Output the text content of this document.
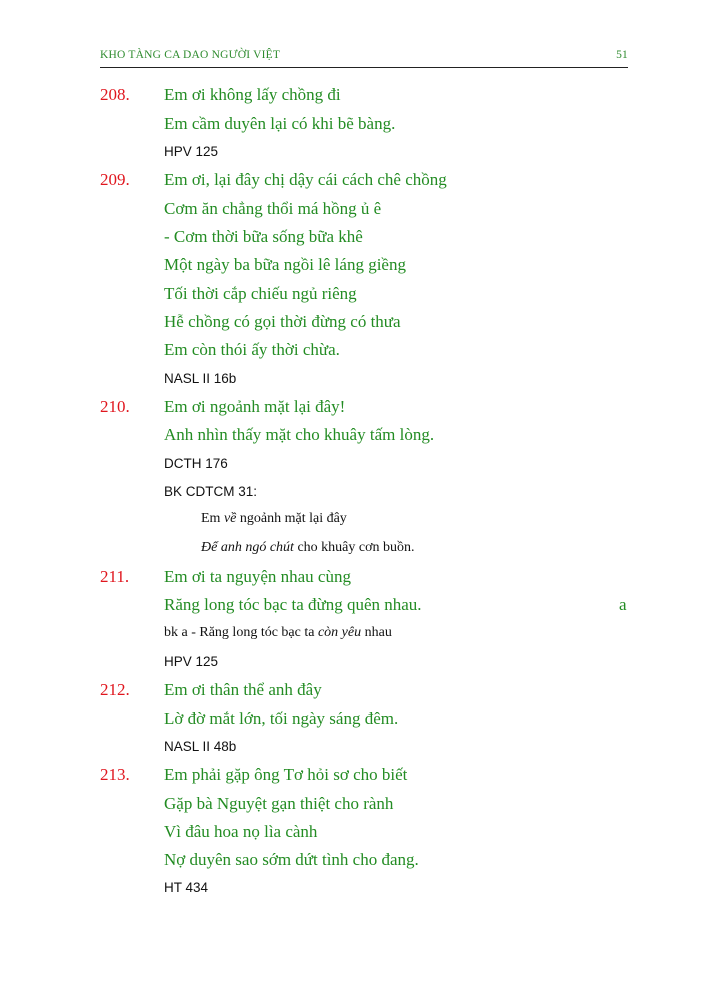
KHO TÀNG CA DAO NGƯỜI VIỆT	51
208. Em ơi không lấy chồng đi
Em cầm duyên lại có khi bẽ bàng.
HPV 125
209. Em ơi, lại đây chị dậy cái cách chê chồng
Cơm ăn chẳng thổi má hồng ủ ê
- Cơm thời bữa sống bữa khê
Một ngày ba bữa ngồi lê láng giềng
Tối thời cắp chiếu ngủ riêng
Hễ chồng có gọi thời đừng có thưa
Em còn thói ấy thời chừa.
NASL II 16b
210. Em ơi ngoảnh mặt lại đây!
Anh nhìn thấy mặt cho khuây tấm lòng.
DCTH 176
BK CDTCM 31:
Em về ngoảnh mặt lại đây
Để anh ngó chút cho khuây cơn buồn.
211. Em ơi ta nguyện nhau cùng
Răng long tóc bạc ta đừng quên nhau.	a
bk a - Răng long tóc bạc ta còn yêu nhau
HPV 125
212. Em ơi thân thể anh đây
Lờ đờ mắt lớn, tối ngày sáng đêm.
NASL II 48b
213. Em phải gặp ông Tơ hỏi sơ cho biết
Gặp bà Nguyệt gạn thiệt cho rành
Vì đâu hoa nọ lìa cành
Nợ duyên sao sớm dứt tình cho đang.
HT 434
